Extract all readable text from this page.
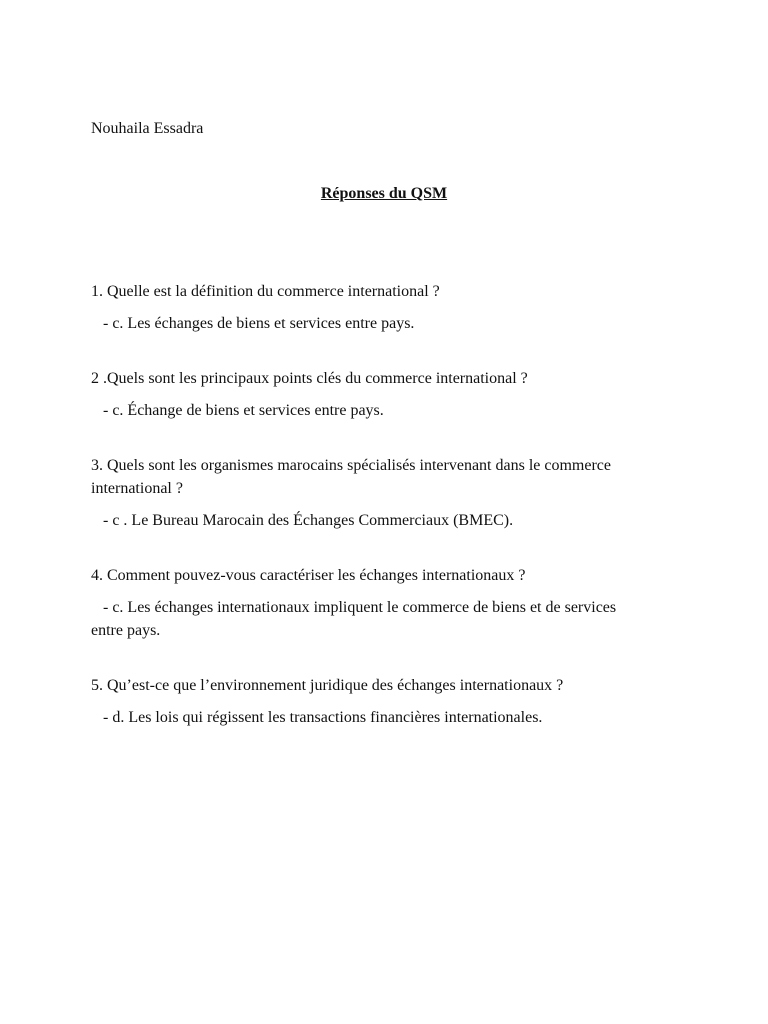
Nouhaila Essadra

Réponses du QSM

1. Quelle est la définition du commerce international ?

- c. Les échanges de biens et services entre pays.

2 .Quels sont les principaux points clés du commerce international ?

- c. Échange de biens et services entre pays.

3. Quels sont les organismes marocains spécialisés intervenant dans le commerce international ?

- c . Le Bureau Marocain des Échanges Commerciaux (BMEC).

4. Comment pouvez-vous caractériser les échanges internationaux ?

- c. Les échanges internationaux impliquent le commerce de biens et de services entre pays.

5. Qu’est-ce que l’environnement juridique des échanges internationaux ?

- d. Les lois qui régissent les transactions financières internationales.
